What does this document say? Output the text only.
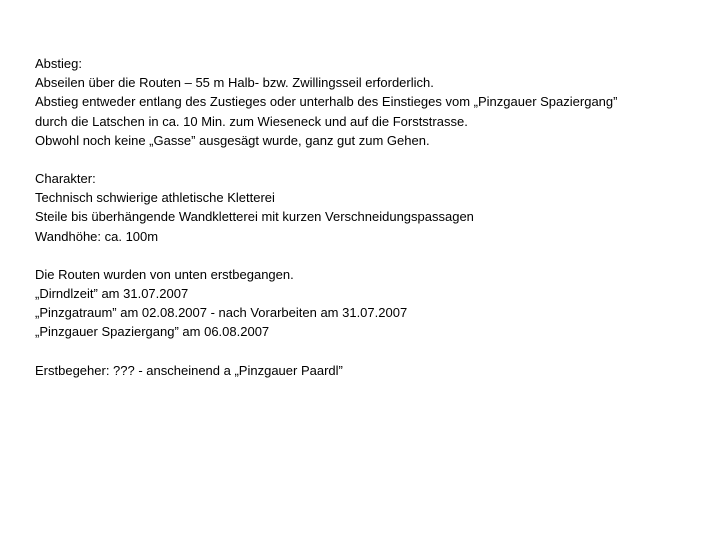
Abstieg:
Abseilen über die Routen – 55 m Halb- bzw. Zwillingsseil erforderlich.
Abstieg entweder entlang des Zustieges oder unterhalb des Einstieges vom „Pinzgauer Spaziergang”
durch die Latschen in ca. 10 Min. zum Wieseneck und auf die Forststrasse.
Obwohl noch keine „Gasse” ausgesägt wurde, ganz gut zum Gehen.
Charakter:
Technisch schwierige athletische Kletterei
Steile bis überhängende Wandkletterei mit kurzen Verschneidungspassagen
Wandhöhe: ca. 100m
Die Routen wurden von unten erstbegangen.
„Dirndlzeit” am 31.07.2007
„Pinzgatraum” am 02.08.2007 - nach Vorarbeiten am 31.07.2007
„Pinzgauer Spaziergang” am 06.08.2007
Erstbegeher: ??? - anscheinend a „Pinzgauer Paardl”
